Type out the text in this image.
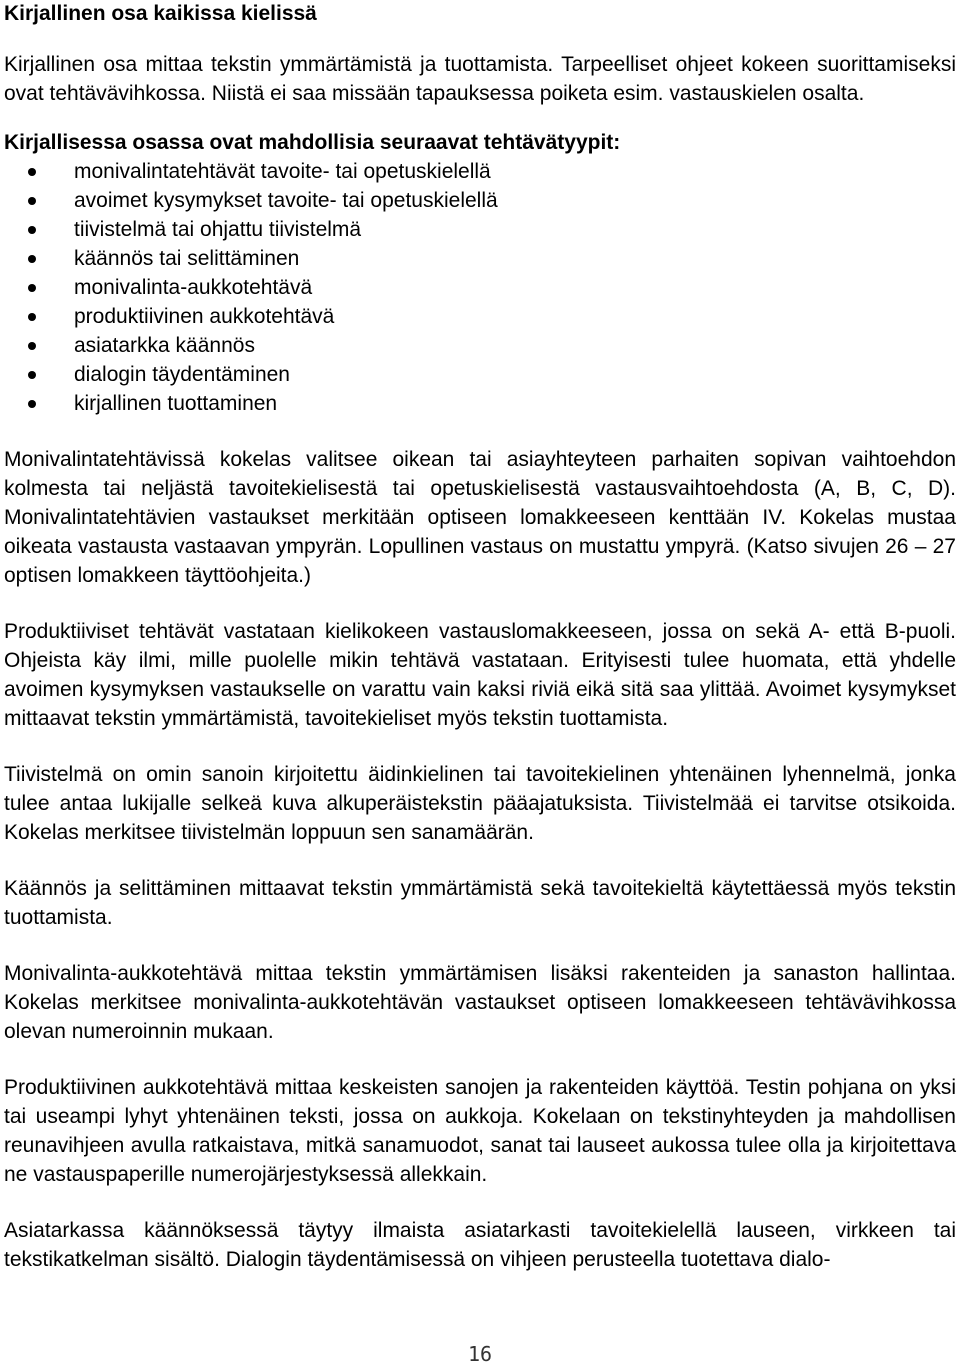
Kirjallinen osa kaikissa kielissä

Kirjallinen osa mittaa tekstin ymmärtämistä ja tuottamista. Tarpeelliset ohjeet kokeen suorittamiseksi ovat tehtävävihkossa. Niistä ei saa missään tapauksessa poiketa esim. vastauskielen osalta.

Kirjallisessa osassa ovat mahdollisia seuraavat tehtävätyypit:
monivalintatehtävät tavoite- tai opetuskielellä
avoimet kysymykset tavoite- tai opetuskielellä
tiivistelmä tai ohjattu tiivistelmä
käännös tai selittäminen
monivalinta-aukkotehtävä
produktiivinen aukkotehtävä
asiatarkka käännös
dialogin täydentäminen
kirjallinen tuottaminen

Monivalintatehtävissä kokelas valitsee oikean tai asiayhteyteen parhaiten sopivan vaihtoehdon kolmesta tai neljästä tavoitekielisestä tai opetuskielisestä vastausvaihtoehdosta (A, B, C, D). Monivalintatehtävien vastaukset merkitään optiseen lomakkeeseen kenttään IV. Kokelas mustaa oikeata vastausta vastaavan ympyrän. Lopullinen vastaus on mustattu ympyrä. (Katso sivujen 26 – 27 optisen lomakkeen täyttöohjeita.)

Produktiiviset tehtävät vastataan kielikokeen vastauslomakkeeseen, jossa on sekä A- että B-puoli. Ohjeista käy ilmi, mille puolelle mikin tehtävä vastataan. Erityisesti tulee huomata, että yhdelle avoimen kysymyksen vastaukselle on varattu vain kaksi riviä eikä sitä saa ylittää. Avoimet kysymykset mittaavat tekstin ymmärtämistä, tavoitekieliset myös tekstin tuottamista.

Tiivistelmä on omin sanoin kirjoitettu äidinkielinen tai tavoitekielinen yhtenäinen lyhennelmä, jonka tulee antaa lukijalle selkeä kuva alkuperäistekstin pääajatuksista. Tiivistelmää ei tarvitse otsikoida. Kokelas merkitsee tiivistelmän loppuun sen sanamäärän.

Käännös ja selittäminen mittaavat tekstin ymmärtämistä sekä tavoitekieltä käytettäessä myös tekstin tuottamista.

Monivalinta-aukkotehtävä mittaa tekstin ymmärtämisen lisäksi rakenteiden ja sanaston hallintaa. Kokelas merkitsee monivalinta-aukkotehtävän vastaukset optiseen lomakkeeseen tehtävävihkossa olevan numeroinnin mukaan.

Produktiivinen aukkotehtävä mittaa keskeisten sanojen ja rakenteiden käyttöä. Testin pohjana on yksi tai useampi lyhyt yhtenäinen teksti, jossa on aukkoja. Kokelaan on tekstinyhteyden ja mahdollisen reunavihjeen avulla ratkaistava, mitkä sanamuodot, sanat tai lauseet aukossa tulee olla ja kirjoitettava ne vastauspaperille numerojärjestyksessä allekkain.

Asiatarkassa käännöksessä täytyy ilmaista asiatarkasti tavoitekielellä lauseen, virkkeen tai tekstikatkelman sisältö. Dialogin täydentämisessä on vihjeen perusteella tuotettava dialo-

16
